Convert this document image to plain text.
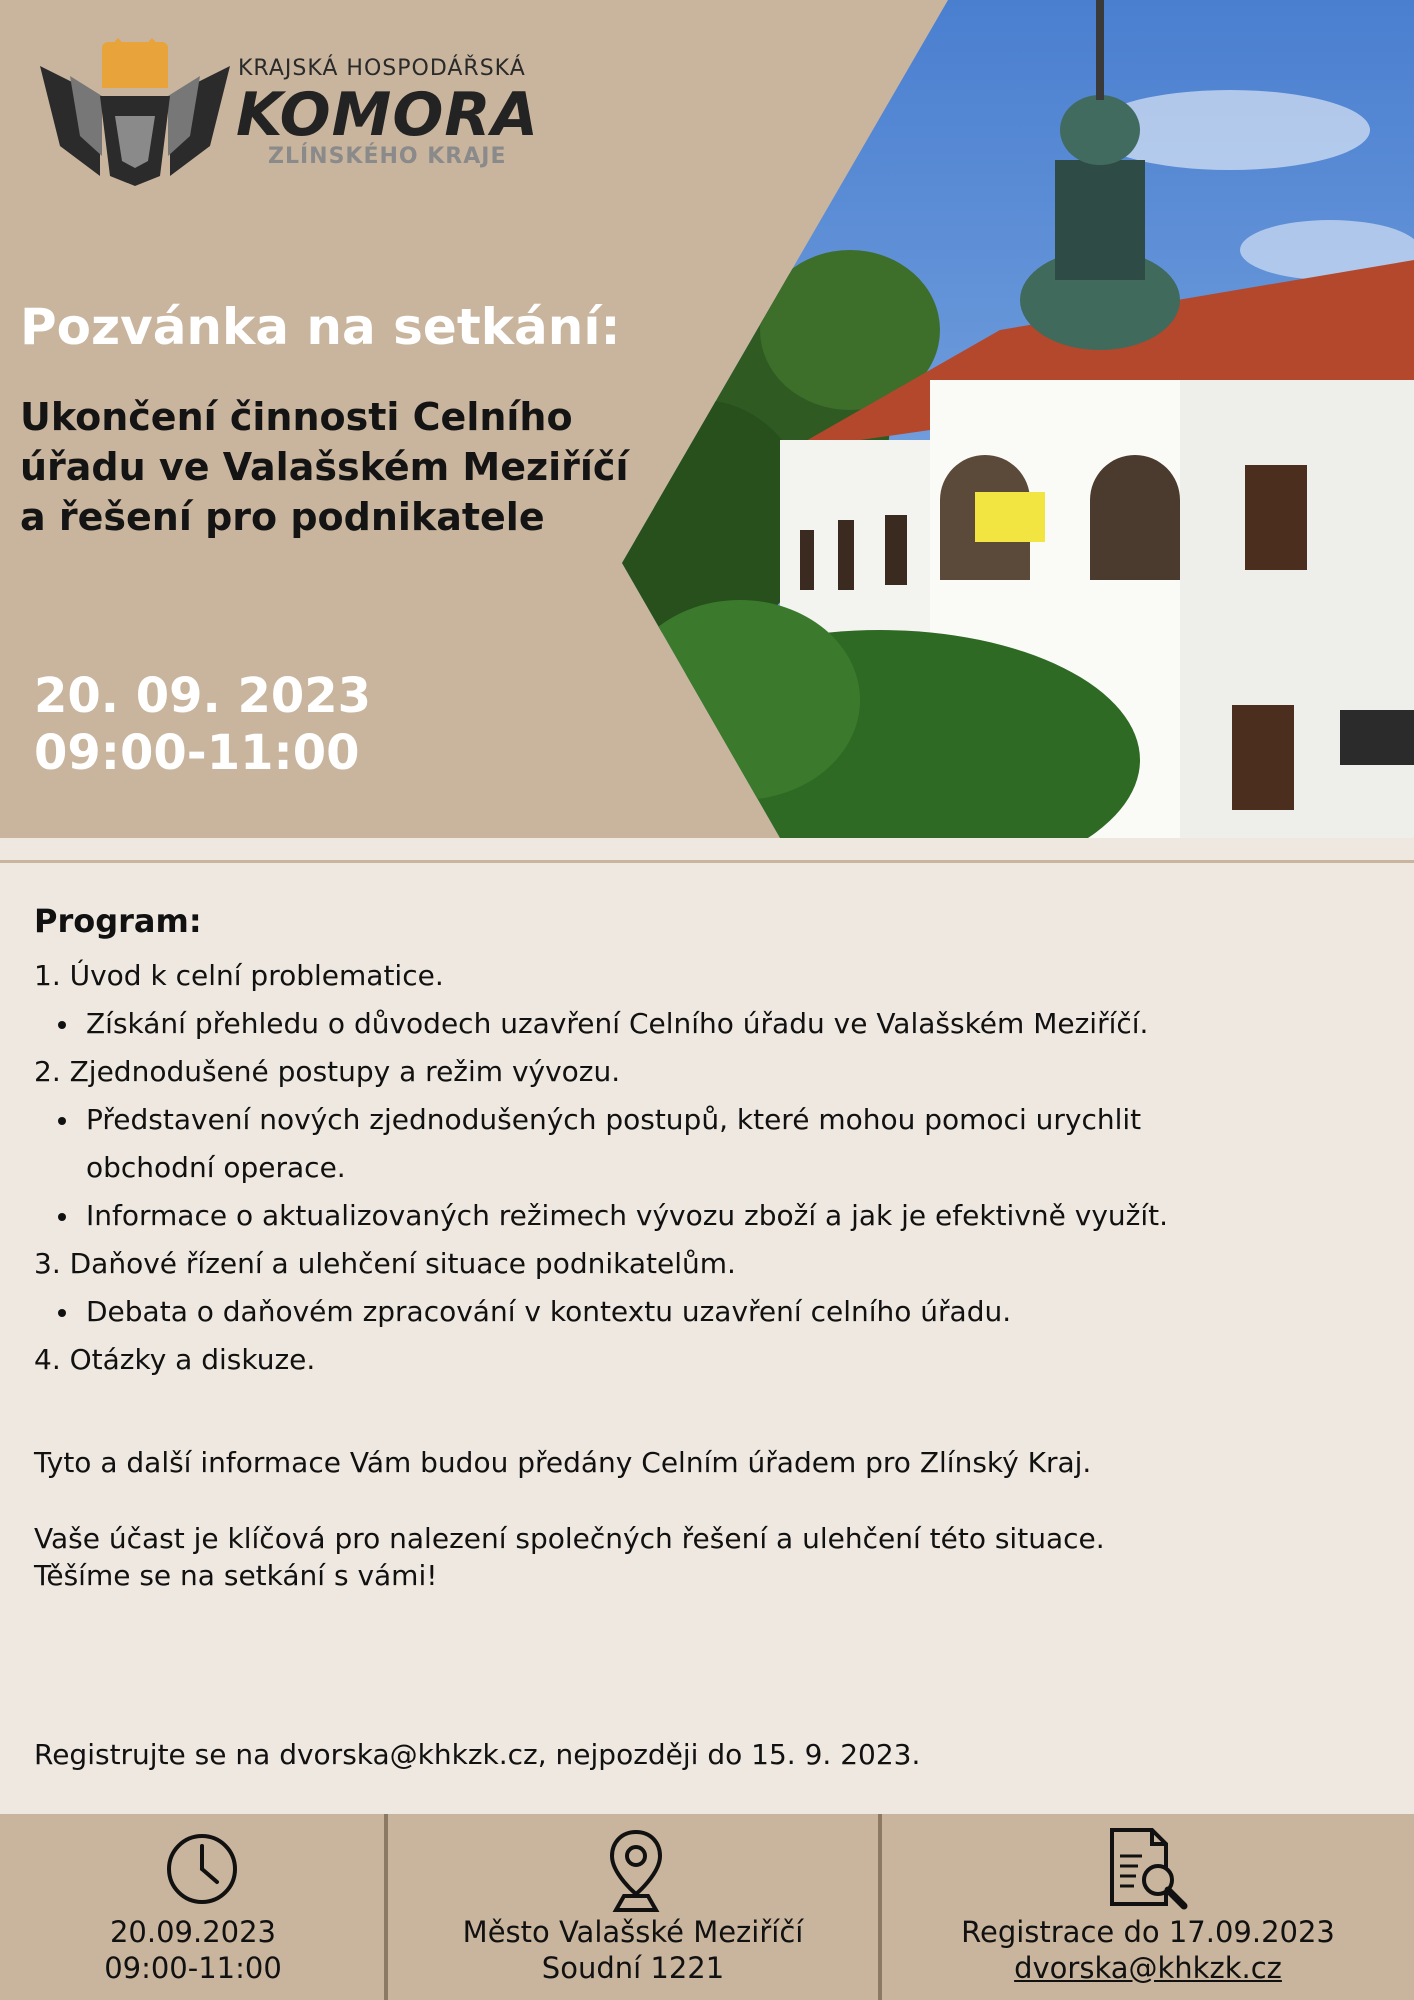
KRAJSKÁ HOSPODÁŘSKÁ
KOMORA
ZLÍNSKÉHO KRAJE
Pozvánka na setkání:
Ukončení činnosti Celního
úřadu ve Valašském Meziříčí
a řešení pro podnikatele
20. 09. 2023
09:00-11:00
Program:
1. Úvod k celní problematice.
Získání přehledu o důvodech uzavření Celního úřadu ve Valašském Meziříčí.
2. Zjednodušené postupy a režim vývozu.
Představení nových zjednodušených postupů, které mohou pomoci urychlit
obchodní operace.
Informace o aktualizovaných režimech vývozu zboží a jak je efektivně využít.
3. Daňové řízení a ulehčení situace podnikatelům.
Debata o daňovém zpracování v kontextu uzavření celního úřadu.
4. Otázky a diskuze.
Tyto a další informace Vám budou předány Celním úřadem pro Zlínský Kraj.
Vaše účast je klíčová pro nalezení společných řešení a ulehčení této situace.
Těšíme se na setkání s vámi!
Registrujte se na dvorska@khkzk.cz, nejpozději do 15. 9. 2023.
20.09.2023
09:00-11:00
Město Valašské Meziříčí
Soudní 1221
Registrace do 17.09.2023
dvorska@khkzk.cz
